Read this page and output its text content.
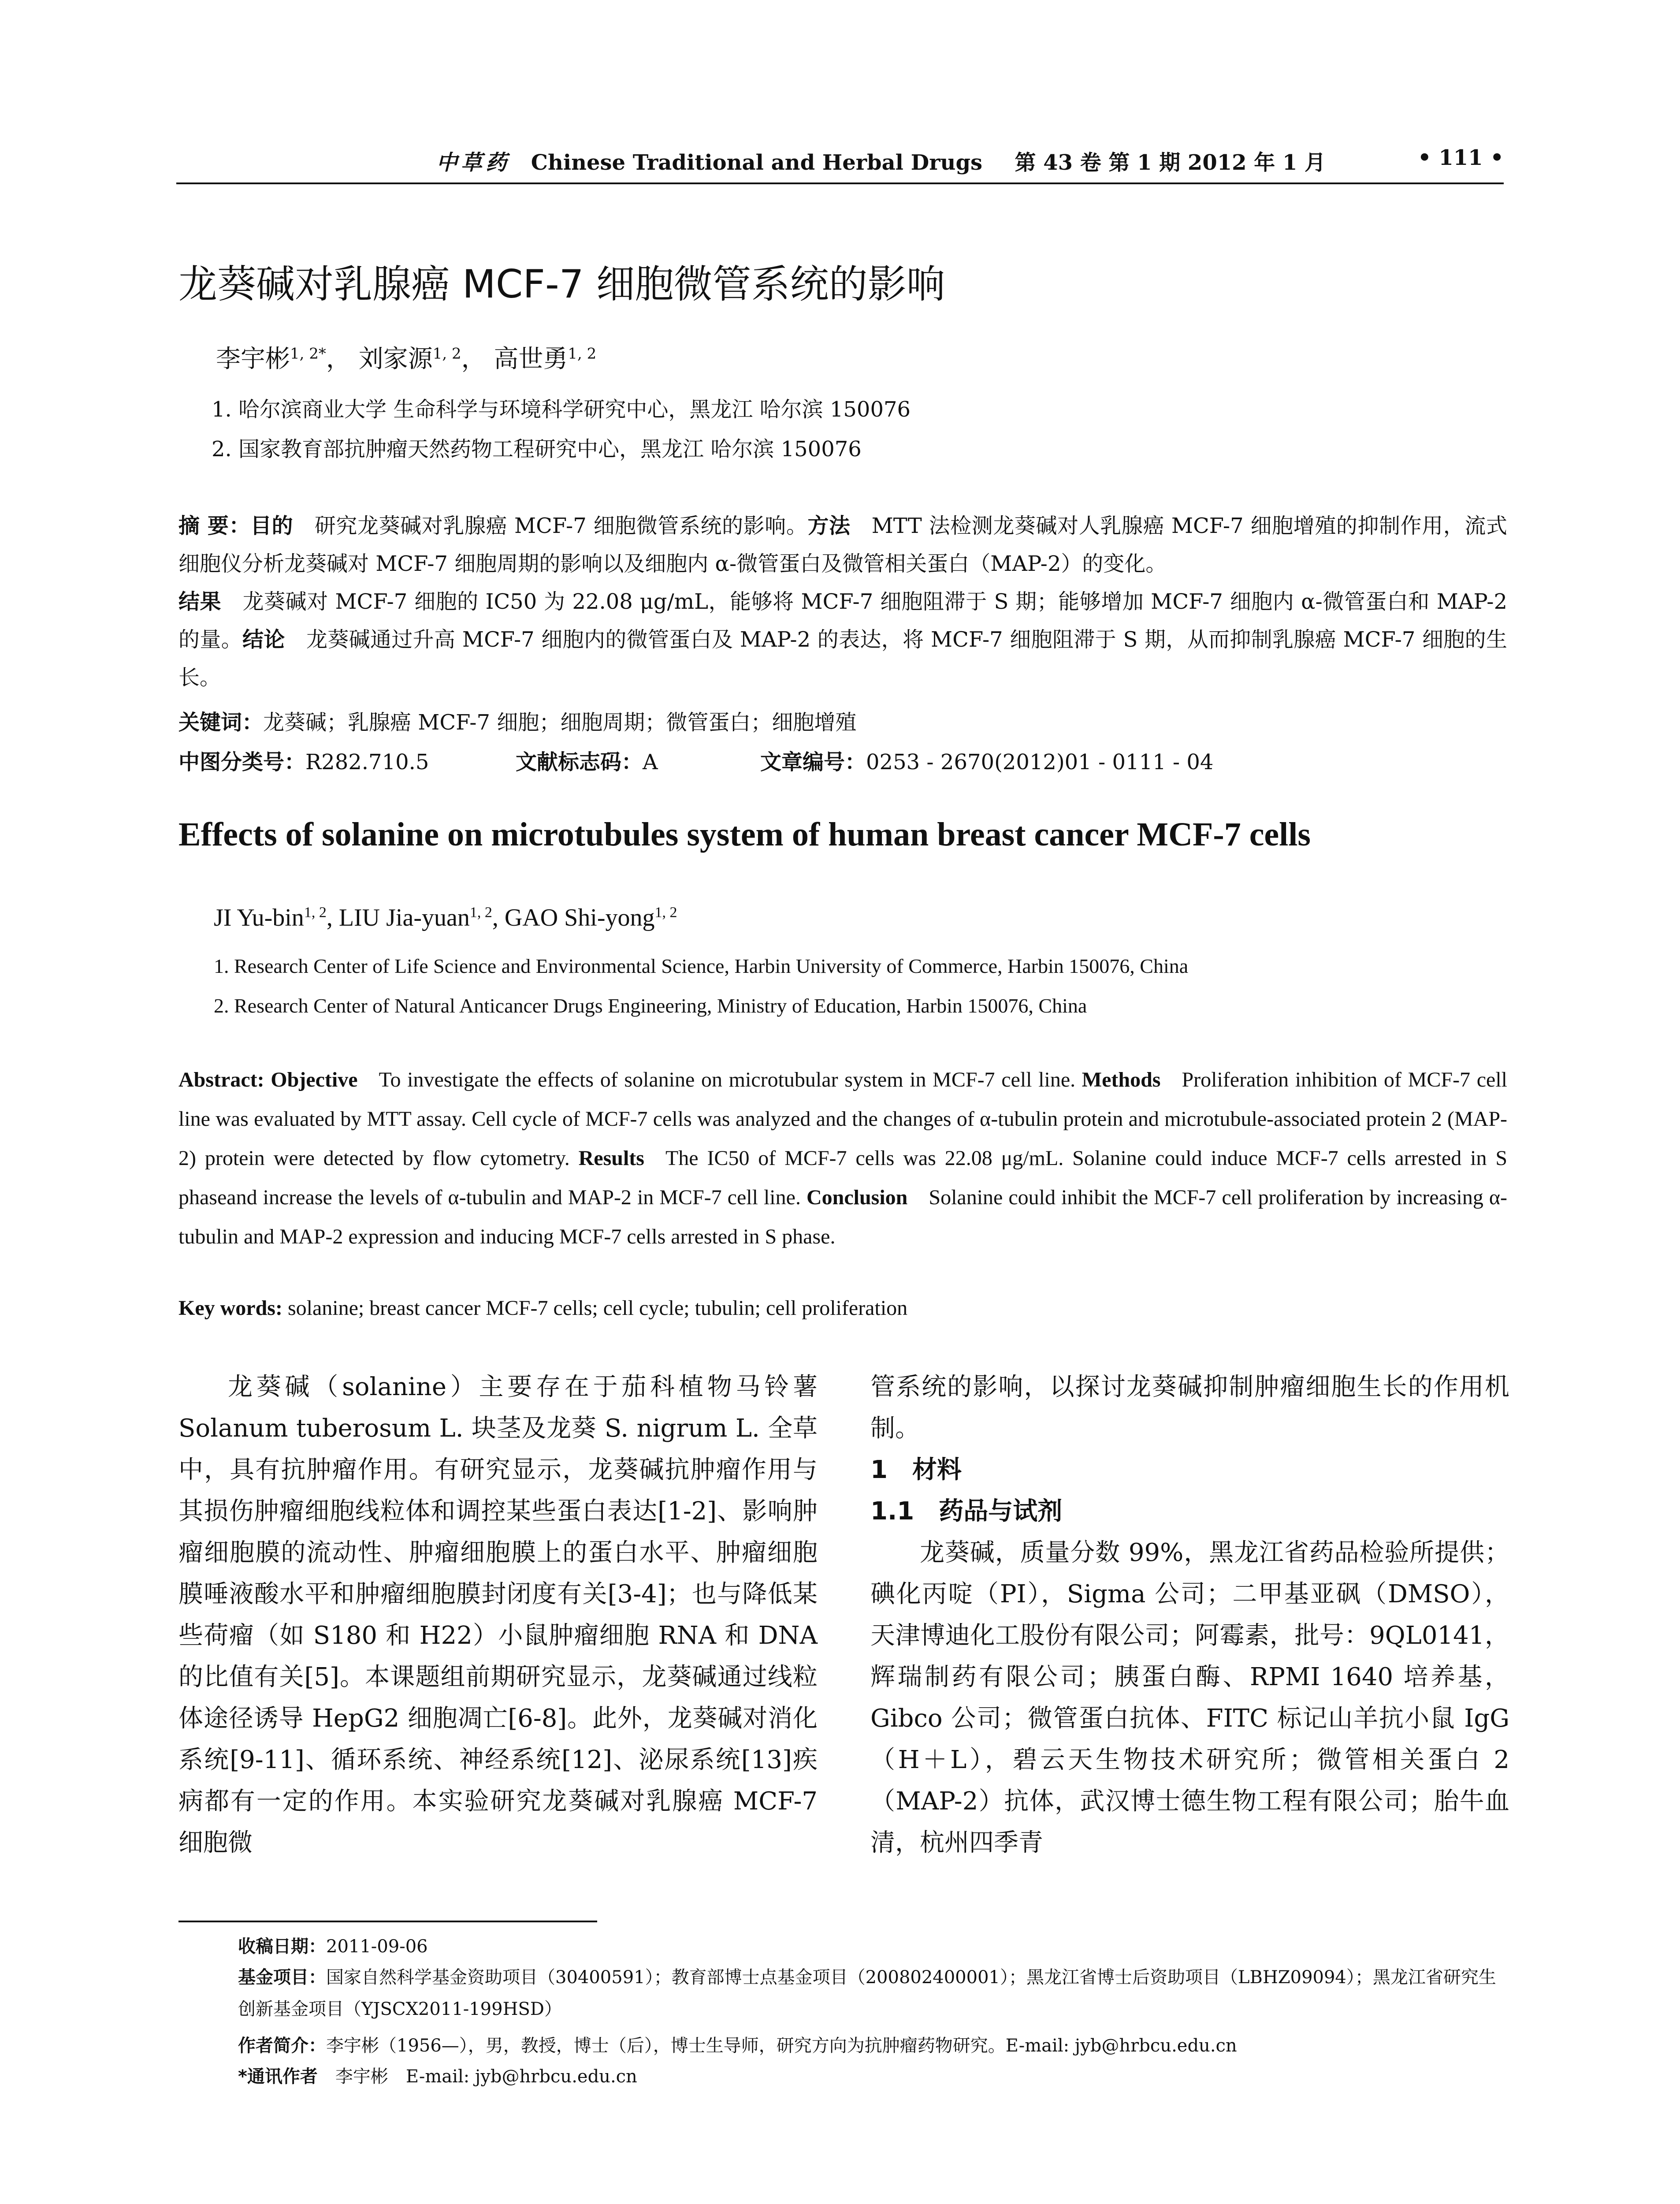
中草药 Chinese Traditional and Herbal Drugs 第 43 卷 第 1 期 2012 年 1 月	• 111 •
龙葵碱对乳腺癌 MCF-7 细胞微管系统的影响
李宇彬$^{1, 2*}$， 刘家源$^{1, 2}$， 高世勇$^{1, 2}$
1. 哈尔滨商业大学 生命科学与环境科学研究中心，黑龙江 哈尔滨 150076
2. 国家教育部抗肿瘤天然药物工程研究中心，黑龙江 哈尔滨 150076
摘 要：目的 研究龙葵碱对乳腺癌 MCF-7 细胞微管系统的影响。方法 MTT 法检测龙葵碱对人乳腺癌 MCF-7 细胞增殖的抑制作用，流式细胞仪分析龙葵碱对 MCF-7 细胞周期的影响以及细胞内 α-微管蛋白及微管相关蛋白（MAP-2）的变化。
结果 龙葵碱对 MCF-7 细胞的 IC50 为 22.08 μg/mL，能够将 MCF-7 细胞阻滞于 S 期；能够增加 MCF-7 细胞内 α-微管蛋白和 MAP-2 的量。结论 龙葵碱通过升高 MCF-7 细胞内的微管蛋白及 MAP-2 的表达，将 MCF-7 细胞阻滞于 S 期，从而抑制乳腺癌 MCF-7 细胞的生长。
关键词：龙葵碱；乳腺癌 MCF-7 细胞；细胞周期；微管蛋白；细胞增殖
中图分类号：R282.710.5	文献标志码：A	文章编号：0253 - 2670(2012)01 - 0111 - 04
Effects of solanine on microtubules system of human breast cancer MCF-7 cells
JI Yu-bin$^{1, 2}$, LIU Jia-yuan$^{1, 2}$, GAO Shi-yong$^{1, 2}$
1. Research Center of Life Science and Environmental Science, Harbin University of Commerce, Harbin 150076, China
2. Research Center of Natural Anticancer Drugs Engineering, Ministry of Education, Harbin 150076, China
Abstract: Objective To investigate the effects of solanine on microtubular system in MCF-7 cell line. Methods Proliferation inhibition of MCF-7 cell line was evaluated by MTT assay. Cell cycle of MCF-7 cells was analyzed and the changes of α-tubulin protein and microtubule-associated protein 2 (MAP-2) protein were detected by flow cytometry. Results The IC50 of MCF-7 cells was 22.08 μg/mL. Solanine could induce MCF-7 cells arrested in S phaseand increase the levels of α-tubulin and MAP-2 in MCF-7 cell line. Conclusion Solanine could inhibit the MCF-7 cell proliferation by increasing α-tubulin and MAP-2 expression and inducing MCF-7 cells arrested in S phase.
Key words: solanine; breast cancer MCF-7 cells; cell cycle; tubulin; cell proliferation

龙葵碱（solanine）主要存在于茄科植物马铃薯 Solanum tuberosum L. 块茎及龙葵 S. nigrum L. 全草中，具有抗肿瘤作用。有研究显示，龙葵碱抗肿瘤作用与其损伤肿瘤细胞线粒体和调控某些蛋白表达[1-2]、影响肿瘤细胞膜的流动性、肿瘤细胞膜上的蛋白水平、肿瘤细胞膜唾液酸水平和肿瘤细胞膜封闭度有关[3-4]；也与降低某些荷瘤（如 S180 和 H22）小鼠肿瘤细胞 RNA 和 DNA 的比值有关[5]。本课题组前期研究显示，龙葵碱通过线粒体途径诱导 HepG2 细胞凋亡[6-8]。此外，龙葵碱对消化系统[9-11]、循环系统、神经系统[12]、泌尿系统[13]疾病都有一定的作用。本实验研究龙葵碱对乳腺癌 MCF-7 细胞微

管系统的影响，以探讨龙葵碱抑制肿瘤细胞生长的作用机制。

1　材料
1.1　药品与试剂

龙葵碱，质量分数 99%，黑龙江省药品检验所提供；碘化丙啶（PI），Sigma 公司；二甲基亚砜（DMSO），天津博迪化工股份有限公司；阿霉素，批号：9QL0141，辉瑞制药有限公司；胰蛋白酶、RPMI 1640 培养基，Gibco 公司；微管蛋白抗体、FITC 标记山羊抗小鼠 IgG（H＋L），碧云天生物技术研究所；微管相关蛋白 2（MAP-2）抗体，武汉博士德生物工程有限公司；胎牛血清，杭州四季青

收稿日期：2011-09-06
基金项目：国家自然科学基金资助项目（30400591）；教育部博士点基金项目（200802400001）；黑龙江省博士后资助项目（LBHZ09094）；黑龙江省研究生创新基金项目（YJSCX2011-199HSD）
作者简介：李宇彬（1956—），男，教授，博士（后），博士生导师，研究方向为抗肿瘤药物研究。E-mail: jyb@hrbcu.edu.cn
*通讯作者 李宇彬　E-mail: jyb@hrbcu.edu.cn
